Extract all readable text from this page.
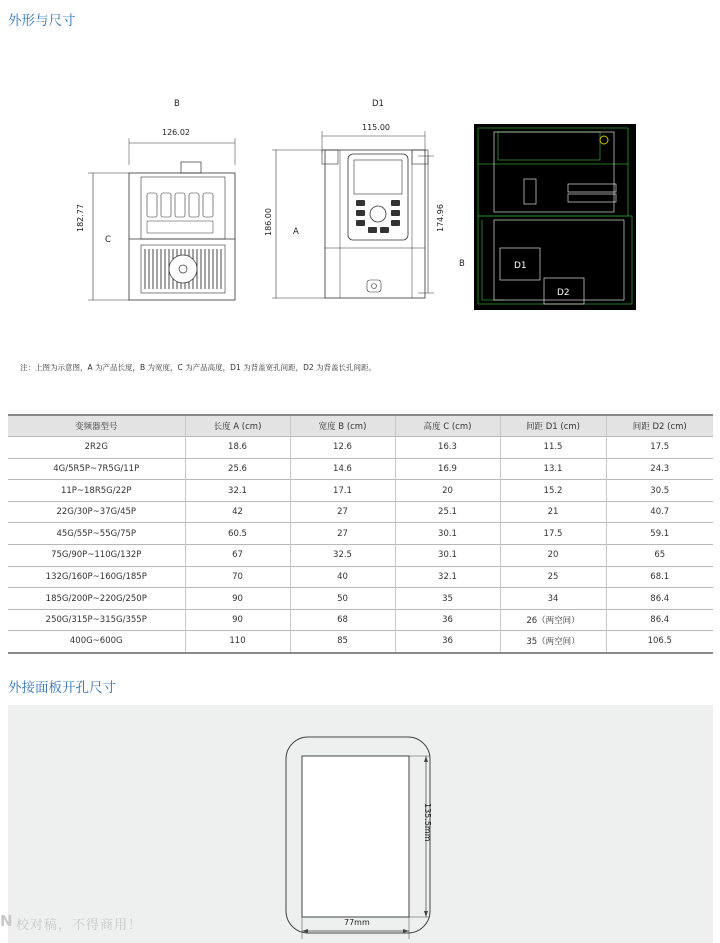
外形与尺寸
B
126.02
182.77
C
D1
115.00
186.00 A	174.96
B	D1
D2
注：上图为示意图，A 为产品长度，B 为宽度，C 为产品高度，D1 为背盖宽孔间距，D2 为背盖长孔间距。
变频器型号	长度 A (cm)	宽度 B (cm)	高度 C (cm)	间距 D1 (cm)	间距 D2 (cm)
2R2G	18.6	12.6	16.3	11.5	17.5
4G/5R5P~7R5G/11P	25.6	14.6	16.9	13.1	24.3
11P~18R5G/22P	32.1	17.1	20	15.2	30.5
22G/30P~37G/45P	42	27	25.1	21	40.7
45G/55P~55G/75P	60.5	27	30.1	17.5	59.1
75G/90P~110G/132P	67	32.5	30.1	20	65
132G/160P~160G/185P	70	40	32.1	25	68.1
185G/200P~220G/250P	90	50	35	34	86.4
250G/315P~315G/355P	90	68	36	26（两空间）	86.4
400G~600G	110	85	36	35（两空间）	106.5
外接面板开孔尺寸
77mm
135.5mm
N 校对稿，不得商用！
